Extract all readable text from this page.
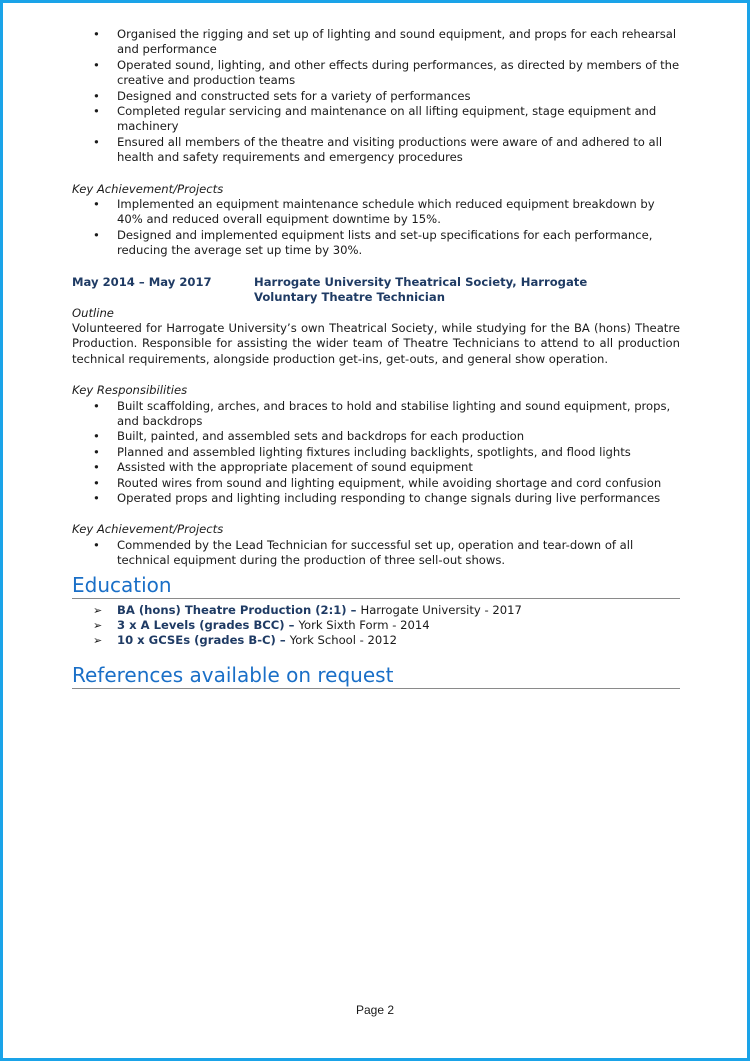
• Organised the rigging and set up of lighting and sound equipment, and props for each rehearsal and performance
• Operated sound, lighting, and other effects during performances, as directed by members of the creative and production teams
• Designed and constructed sets for a variety of performances
• Completed regular servicing and maintenance on all lifting equipment, stage equipment and machinery
• Ensured all members of the theatre and visiting productions were aware of and adhered to all health and safety requirements and emergency procedures
Key Achievement/Projects
• Implemented an equipment maintenance schedule which reduced equipment breakdown by 40% and reduced overall equipment downtime by 15%.
• Designed and implemented equipment lists and set-up specifications for each performance, reducing the average set up time by 30%.
May 2014 – May 2017	Harrogate University Theatrical Society, Harrogate
Voluntary Theatre Technician
Outline
Volunteered for Harrogate University’s own Theatrical Society, while studying for the BA (hons) Theatre Production. Responsible for assisting the wider team of Theatre Technicians to attend to all production technical requirements, alongside production get-ins, get-outs, and general show operation.
Key Responsibilities
• Built scaffolding, arches, and braces to hold and stabilise lighting and sound equipment, props, and backdrops
• Built, painted, and assembled sets and backdrops for each production
• Planned and assembled lighting fixtures including backlights, spotlights, and flood lights
• Assisted with the appropriate placement of sound equipment
• Routed wires from sound and lighting equipment, while avoiding shortage and cord confusion
• Operated props and lighting including responding to change signals during live performances
Key Achievement/Projects
• Commended by the Lead Technician for successful set up, operation and tear-down of all technical equipment during the production of three sell-out shows.
Education
➢ BA (hons) Theatre Production (2:1) – Harrogate University - 2017
➢ 3 x A Levels (grades BCC) – York Sixth Form - 2014
➢ 10 x GCSEs (grades B-C) – York School - 2012
References available on request
Page 2
